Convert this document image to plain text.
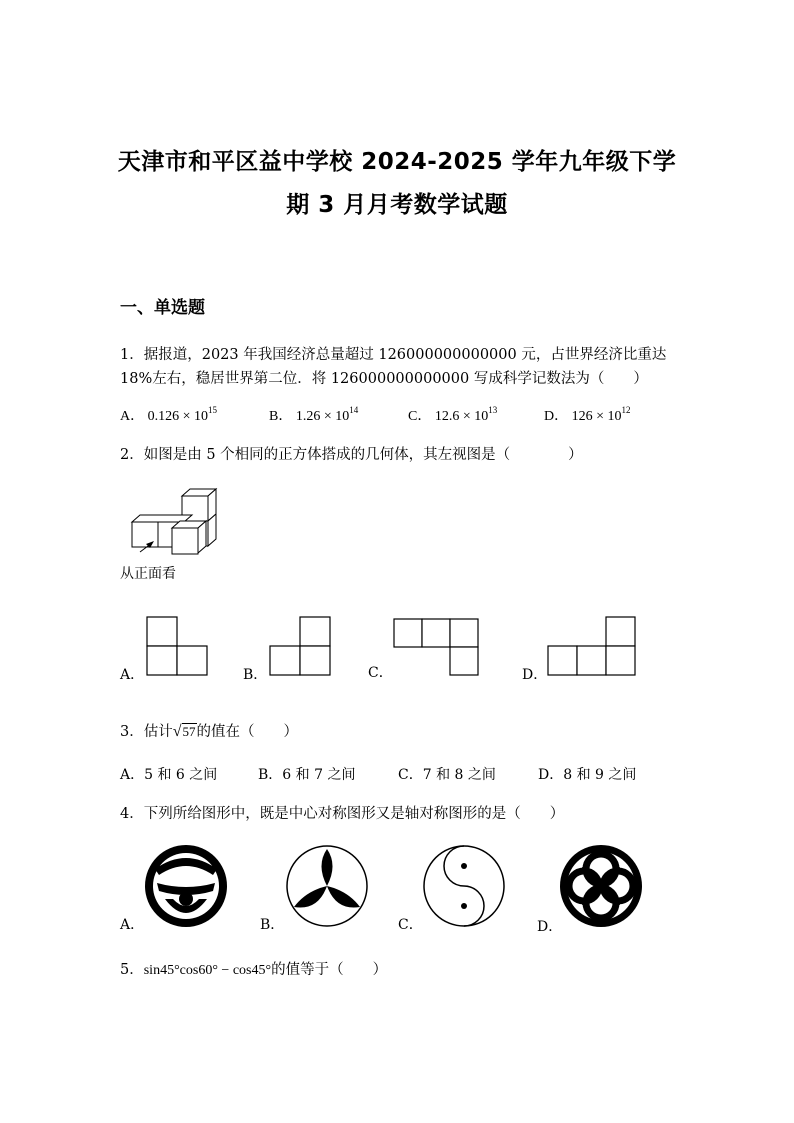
天津市和平区益中学校 2024-2025 学年九年级下学
期 3 月月考数学试题
一、单选题
1．据报道，2023 年我国经济总量超过 126000000000000 元，占世界经济比重达
18%左右，稳居世界第二位．将 126000000000000 写成科学记数法为（　　）
A． $0.126 \times 10^{15}$	B． $1.26 \times 10^{14}$	C． $12.6 \times 10^{13}$	D． $126 \times 10^{12}$
2．如图是由 5 个相同的正方体搭成的几何体，其左视图是（　　　　）
从正面看
A．	B．	C．	D．
3．估计√57的值在（　　）
A．5 和 6 之间	B．6 和 7 之间	C．7 和 8 之间	D．8 和 9 之间
4．下列所给图形中，既是中心对称图形又是轴对称图形的是（　　）
A．	B．	C．	D．
5．sin45°cos60° − cos45°的值等于（　　）
